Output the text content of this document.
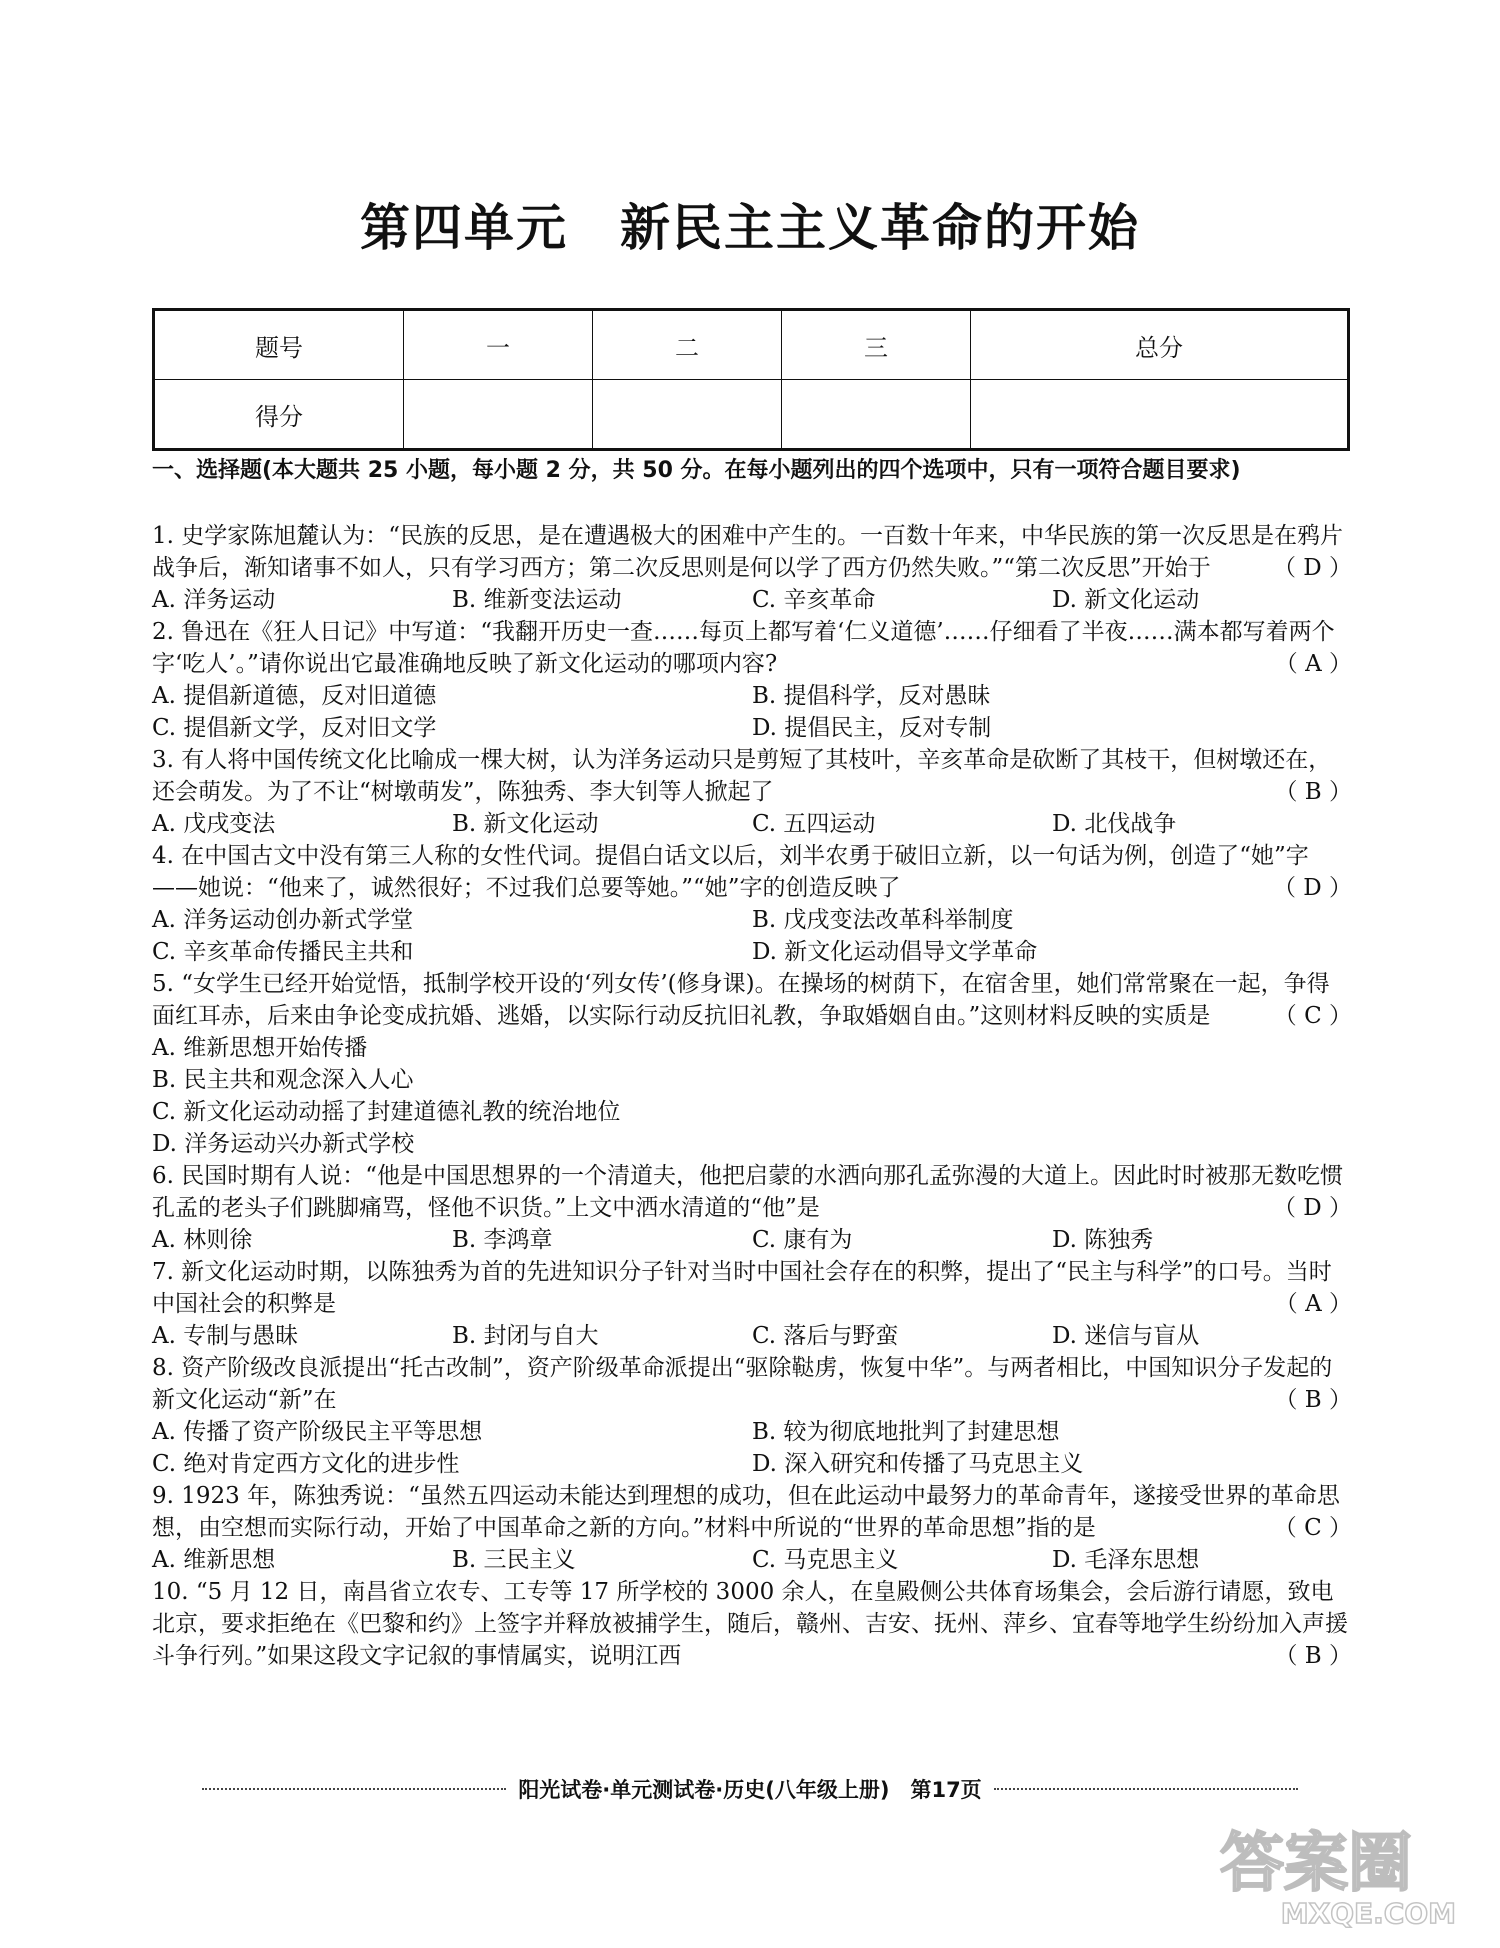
第四单元　新民主主义革命的开始
题号	一	二	三	总分
得分				
一、选择题(本大题共 25 小题，每小题 2 分，共 50 分。在每小题列出的四个选项中，只有一项符合题目要求)
1. 史学家陈旭麓认为：“民族的反思，是在遭遇极大的困难中产生的。一百数十年来，中华民族的第一次反思是在鸦片战争后，渐知诸事不如人，只有学习西方；第二次反思则是何以学了西方仍然失败。”“第二次反思”开始于	（ D ）
A. 洋务运动	B. 维新变法运动	C. 辛亥革命	D. 新文化运动
2. 鲁迅在《狂人日记》中写道：“我翻开历史一查……每页上都写着‘仁义道德’……仔细看了半夜……满本都写着两个字‘吃人’。”请你说出它最准确地反映了新文化运动的哪项内容?	（ A ）
A. 提倡新道德，反对旧道德	B. 提倡科学，反对愚昧
C. 提倡新文学，反对旧文学	D. 提倡民主，反对专制
3. 有人将中国传统文化比喻成一棵大树，认为洋务运动只是剪短了其枝叶，辛亥革命是砍断了其枝干，但树墩还在，还会萌发。为了不让“树墩萌发”，陈独秀、李大钊等人掀起了	（ B ）
A. 戊戌变法	B. 新文化运动	C. 五四运动	D. 北伐战争
4. 在中国古文中没有第三人称的女性代词。提倡白话文以后，刘半农勇于破旧立新，以一句话为例，创造了“她”字——她说：“他来了，诚然很好；不过我们总要等她。”“她”字的创造反映了	（ D ）
A. 洋务运动创办新式学堂	B. 戊戌变法改革科举制度
C. 辛亥革命传播民主共和	D. 新文化运动倡导文学革命
5. “女学生已经开始觉悟，抵制学校开设的‘列女传’(修身课)。在操场的树荫下，在宿舍里，她们常常聚在一起，争得面红耳赤，后来由争论变成抗婚、逃婚，以实际行动反抗旧礼教，争取婚姻自由。”这则材料反映的实质是	（ C ）
A. 维新思想开始传播
B. 民主共和观念深入人心
C. 新文化运动动摇了封建道德礼教的统治地位
D. 洋务运动兴办新式学校
6. 民国时期有人说：“他是中国思想界的一个清道夫，他把启蒙的水洒向那孔孟弥漫的大道上。因此时时被那无数吃惯孔孟的老头子们跳脚痛骂，怪他不识货。”上文中洒水清道的“他”是	（ D ）
A. 林则徐	B. 李鸿章	C. 康有为	D. 陈独秀
7. 新文化运动时期，以陈独秀为首的先进知识分子针对当时中国社会存在的积弊，提出了“民主与科学”的口号。当时中国社会的积弊是	（ A ）
A. 专制与愚昧	B. 封闭与自大	C. 落后与野蛮	D. 迷信与盲从
8. 资产阶级改良派提出“托古改制”，资产阶级革命派提出“驱除鞑虏，恢复中华”。与两者相比，中国知识分子发起的新文化运动“新”在	（ B ）
A. 传播了资产阶级民主平等思想	B. 较为彻底地批判了封建思想
C. 绝对肯定西方文化的进步性	D. 深入研究和传播了马克思主义
9. 1923 年，陈独秀说：“虽然五四运动未能达到理想的成功，但在此运动中最努力的革命青年，遂接受世界的革命思想，由空想而实际行动，开始了中国革命之新的方向。”材料中所说的“世界的革命思想”指的是	（ C ）
A. 维新思想	B. 三民主义	C. 马克思主义	D. 毛泽东思想
10. “5 月 12 日，南昌省立农专、工专等 17 所学校的 3000 余人，在皇殿侧公共体育场集会，会后游行请愿，致电北京，要求拒绝在《巴黎和约》上签字并释放被捕学生，随后，赣州、吉安、抚州、萍乡、宜春等地学生纷纷加入声援斗争行列。”如果这段文字记叙的事情属实，说明江西	（ B ）
阳光试卷·单元测试卷·历史(八年级上册)　第17页
答案圈
MXQE.COM
